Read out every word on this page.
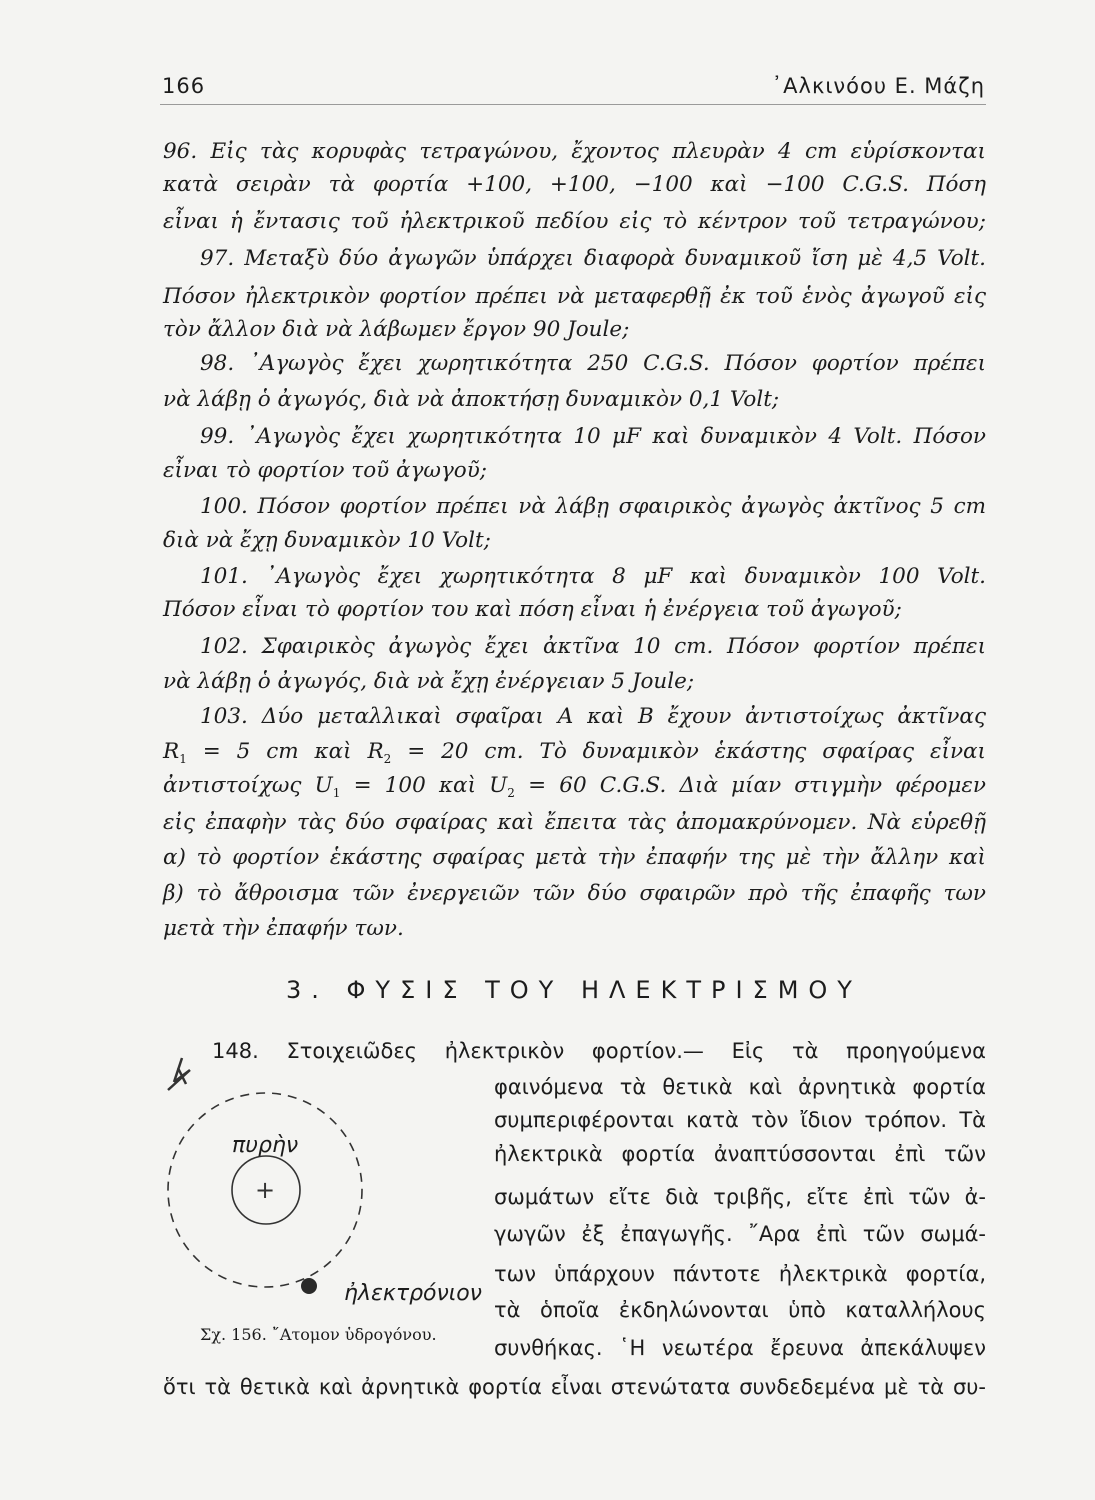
166	᾿Αλκινόου Ε. Μάζη
96. Εἰς τὰς κορυφὰς τετραγώνου, ἔχοντος πλευρὰν 4 cm εὑρίσκονται
κατὰ σειρὰν τὰ φορτία +100, +100, −100 καὶ −100 C.G.S. Πόση
εἶναι ἡ ἔντασις τοῦ ἠλεκτρικοῦ πεδίου εἰς τὸ κέντρον τοῦ τετραγώνου;
97. Μεταξὺ δύο ἀγωγῶν ὑπάρχει διαφορὰ δυναμικοῦ ἴση μὲ 4,5 Volt.
Πόσον ἠλεκτρικὸν φορτίον πρέπει νὰ μεταφερθῇ ἐκ τοῦ ἑνὸς ἀγωγοῦ εἰς
τὸν ἄλλον διὰ νὰ λάβωμεν ἔργον 90 Joule;
98. ᾿Αγωγὸς ἔχει χωρητικότητα 250 C.G.S. Πόσον φορτίον πρέπει
νὰ λάβῃ ὁ ἀγωγός, διὰ νὰ ἀποκτήσῃ δυναμικὸν 0,1 Volt;
99. ᾿Αγωγὸς ἔχει χωρητικότητα 10 μF καὶ δυναμικὸν 4 Volt. Πόσον
εἶναι τὸ φορτίον τοῦ ἀγωγοῦ;
100. Πόσον φορτίον πρέπει νὰ λάβῃ σφαιρικὸς ἀγωγὸς ἀκτῖνος 5 cm
διὰ νὰ ἔχῃ δυναμικὸν 10 Volt;
101. ᾿Αγωγὸς ἔχει χωρητικότητα 8 μF καὶ δυναμικὸν 100 Volt.
Πόσον εἶναι τὸ φορτίον του καὶ πόση εἶναι ἡ ἐνέργεια τοῦ ἀγωγοῦ;
102. Σφαιρικὸς ἀγωγὸς ἔχει ἀκτῖνα 10 cm. Πόσον φορτίον πρέπει
νὰ λάβῃ ὁ ἀγωγός, διὰ νὰ ἔχῃ ἐνέργειαν 5 Joule;
103. Δύο μεταλλικαὶ σφαῖραι Α καὶ Β ἔχουν ἀντιστοίχως ἀκτῖνας
$R_1 = 5$ cm καὶ $R_2 = 20$ cm. Τὸ δυναμικὸν ἑκάστης σφαίρας εἶναι
ἀντιστοίχως $U_1 = 100$ καὶ $U_2 = 60$ C.G.S. Διὰ μίαν στιγμὴν φέρομεν
εἰς ἐπαφὴν τὰς δύο σφαίρας καὶ ἔπειτα τὰς ἀπομακρύνομεν. Νὰ εὑρεθῇ
α) τὸ φορτίον ἑκάστης σφαίρας μετὰ τὴν ἐπαφήν της μὲ τὴν ἄλλην καὶ
β) τὸ ἄθροισμα τῶν ἐνεργειῶν τῶν δύο σφαιρῶν πρὸ τῆς ἐπαφῆς των
μετὰ τὴν ἐπαφήν των.
3. ΦΥΣΙΣ ΤΟΥ ΗΛΕΚΤΡΙΣΜΟΥ
148. Στοιχειῶδες ἠλεκτρικὸν φορτίον.— Εἰς τὰ προηγούμενα
φαινόμενα τὰ θετικὰ καὶ ἀρνητικὰ φορτία
συμπεριφέρονται κατὰ τὸν ἴδιον τρόπον. Τὰ
ἠλεκτρικὰ φορτία ἀναπτύσσονται ἐπὶ τῶν
σωμάτων εἴτε διὰ τριβῆς, εἴτε ἐπὶ τῶν ἀ-
γωγῶν ἐξ ἐπαγωγῆς. ῎Αρα ἐπὶ τῶν σωμά-
των ὑπάρχουν πάντοτε ἠλεκτρικὰ φορτία,
τὰ ὁποῖα ἐκδηλώνονται ὑπὸ καταλλήλους
συνθήκας. ῾Η νεωτέρα ἔρευνα ἀπεκάλυψεν
ὅτι τὰ θετικὰ καὶ ἀρνητικὰ φορτία εἶναι στενώτατα συνδεδεμένα μὲ τὰ συ-
+
πυρὴν
ἠλεκτρόνιον
Σχ. 156. ῎Ατομον ὑδρογόνου.
